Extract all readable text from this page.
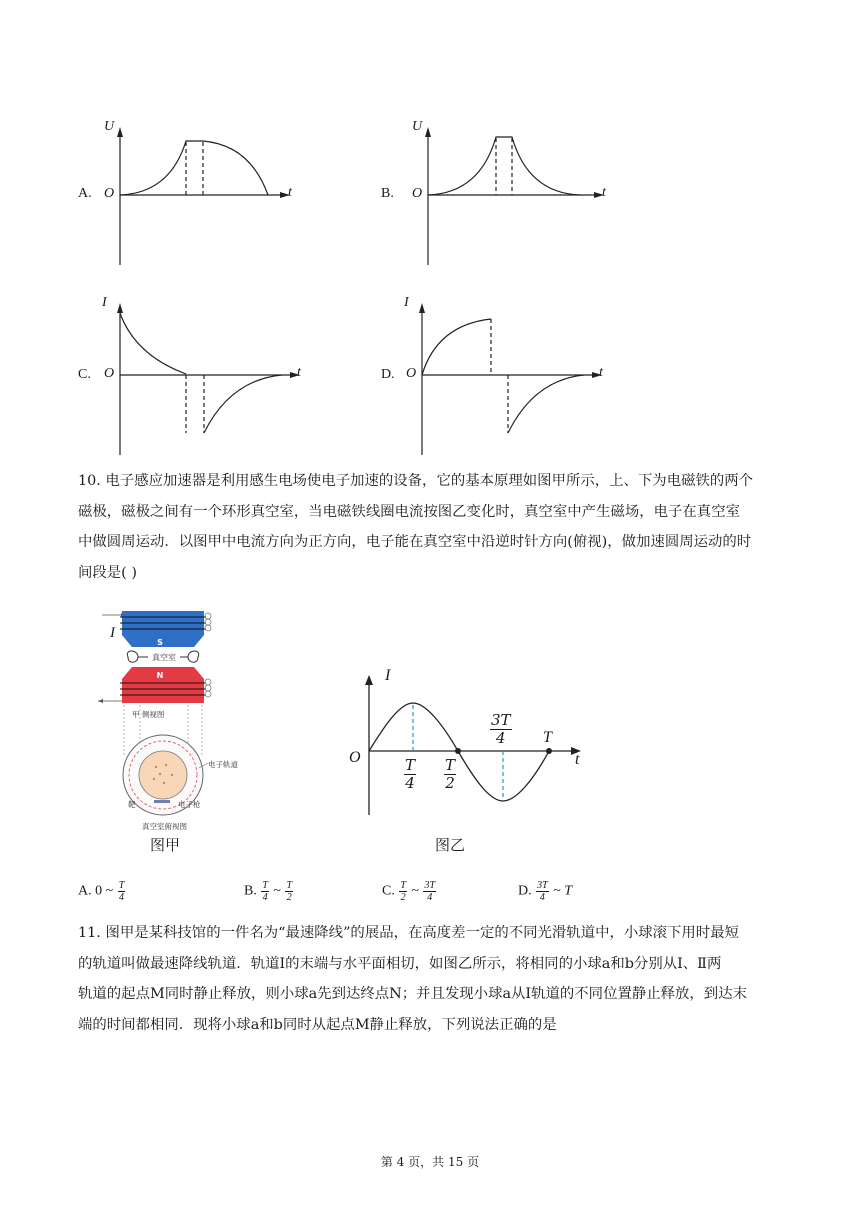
A.
U
O	t	B.
U
O	t
C.
I
O	t	D.
I
O	t

10. 电子感应加速器是利用感生电场使电子加速的设备，它的基本原理如图甲所示，上、下为电磁铁的两个

磁极，磁极之间有一个环形真空室，当电磁铁线圈电流按图乙变化时，真空室中产生磁场，电子在真空室

中做圆周运动．以图甲中电流方向为正方向，电子能在真空室中沿逆时针方向(俯视)，做加速圆周运动的时

间段是( )

S
真空室
N
甲 侧视图
电子轨道
靶	电子枪
真空室俯视图
I
图甲
I
O	t
$\frac{T}{4} \frac{T}{2}$
$\frac{3T}{4}$ T
图乙
A. 0 ~ $\frac{T}{4}$	B. $\frac{T}{4}$ ~ $\frac{T}{2}$	C. $\frac{T}{2}$ ~ $\frac{3T}{4}$	D. $\frac{3T}{4}$ ~ T

11. 图甲是某科技馆的一件名为“最速降线”的展品，在高度差一定的不同光滑轨道中，小球滚下用时最短

的轨道叫做最速降线轨道．轨道Ⅰ的末端与水平面相切，如图乙所示，将相同的小球a和b分别从Ⅰ、Ⅱ两

轨道的起点M同时静止释放，则小球a先到达终点N；并且发现小球a从Ⅰ轨道的不同位置静止释放，到达末

端的时间都相同．现将小球a和b同时从起点M静止释放，下列说法正确的是

第 4 页，共 15 页
